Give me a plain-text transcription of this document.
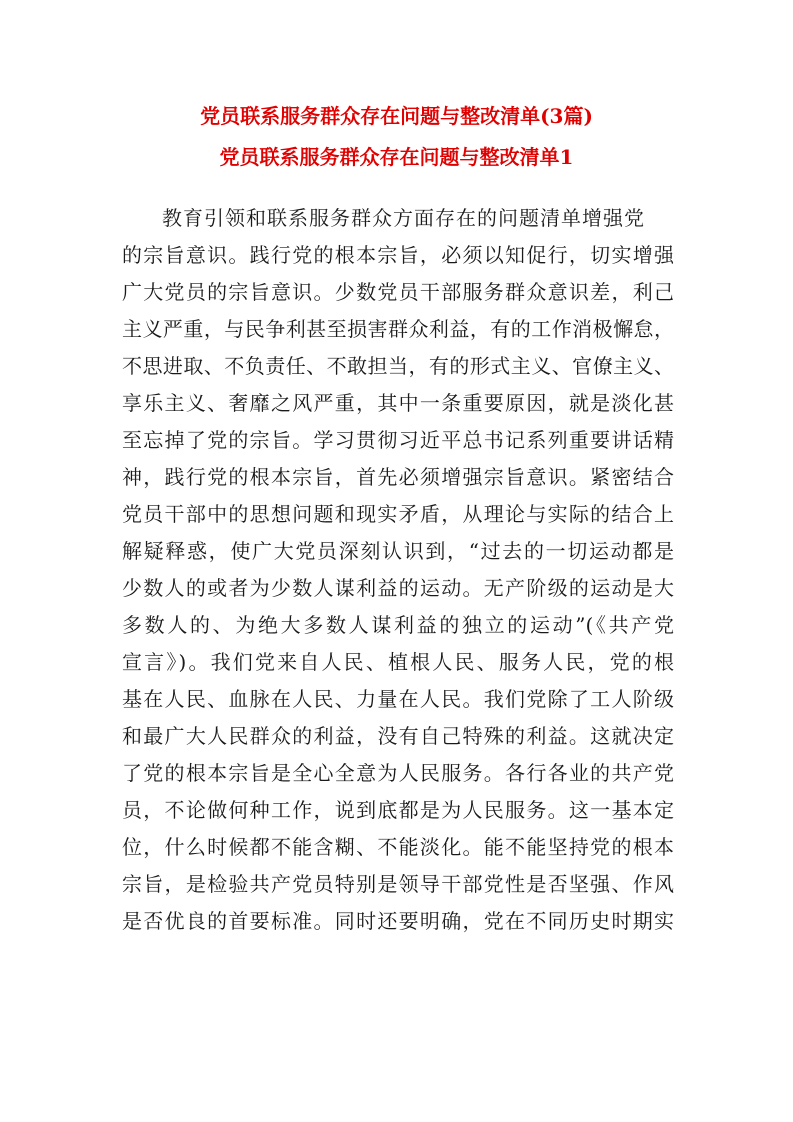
党员联系服务群众存在问题与整改清单(3篇)
党员联系服务群众存在问题与整改清单1
教育引领和联系服务群众方面存在的问题清单增强党
的宗旨意识。践行党的根本宗旨，必须以知促行，切实增强
广大党员的宗旨意识。少数党员干部服务群众意识差，利己
主义严重，与民争利甚至损害群众利益，有的工作消极懈怠，
不思进取、不负责任、不敢担当，有的形式主义、官僚主义、
享乐主义、奢靡之风严重，其中一条重要原因，就是淡化甚
至忘掉了党的宗旨。学习贯彻习近平总书记系列重要讲话精
神，践行党的根本宗旨，首先必须增强宗旨意识。紧密结合
党员干部中的思想问题和现实矛盾，从理论与实际的结合上
解疑释惑，使广大党员深刻认识到，“过去的一切运动都是
少数人的或者为少数人谋利益的运动。无产阶级的运动是大
多数人的、为绝大多数人谋利益的独立的运动”(《共产党
宣言》)。我们党来自人民、植根人民、服务人民，党的根
基在人民、血脉在人民、力量在人民。我们党除了工人阶级
和最广大人民群众的利益，没有自己特殊的利益。这就决定
了党的根本宗旨是全心全意为人民服务。各行各业的共产党
员，不论做何种工作，说到底都是为人民服务。这一基本定
位，什么时候都不能含糊、不能淡化。能不能坚持党的根本
宗旨，是检验共产党员特别是领导干部党性是否坚强、作风
是否优良的首要标准。同时还要明确，党在不同历史时期实
